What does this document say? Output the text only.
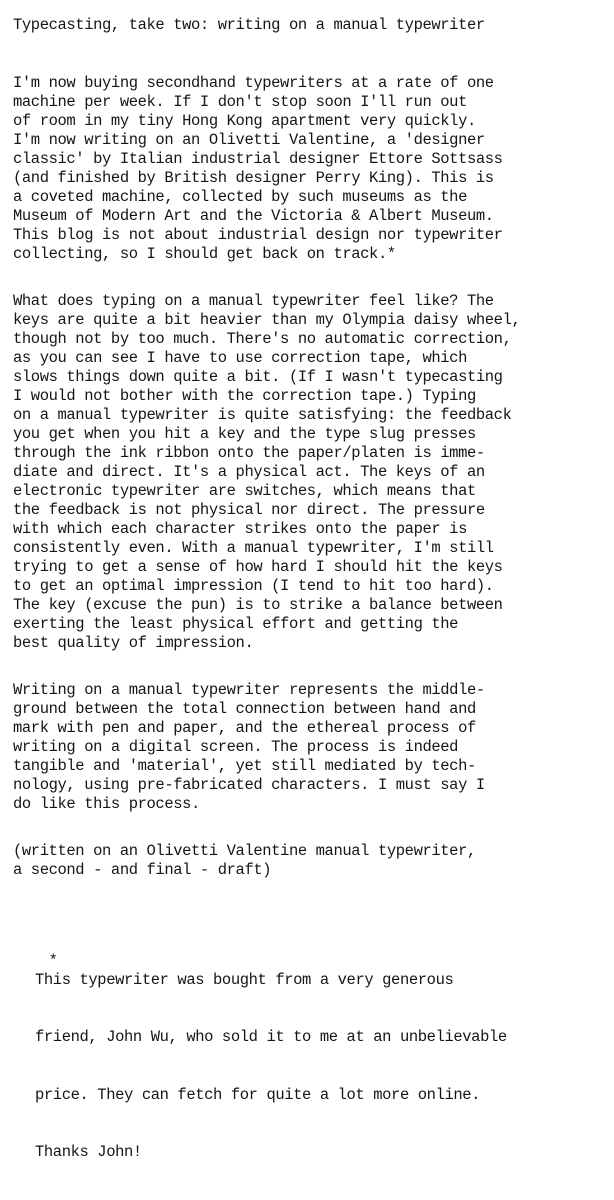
Typecasting, take two: writing on a manual typewriter
I'm now buying secondhand typewriters at a rate of one
machine per week. If I don't stop soon I'll run out
of room in my tiny Hong Kong apartment very quickly.
I'm now writing on an Olivetti Valentine, a 'designer
classic' by Italian industrial designer Ettore Sottsass
(and finished by British designer Perry King). This is
a coveted machine, collected by such museums as the
Museum of Modern Art and the Victoria & Albert Museum.
This blog is not about industrial design nor typewriter
collecting, so I should get back on track.*
What does typing on a manual typewriter feel like? The
keys are quite a bit heavier than my Olympia daisy wheel,
though not by too much. There's no automatic correction,
as you can see I have to use correction tape, which
slows things down quite a bit. (If I wasn't typecasting
I would not bother with the correction tape.) Typing
on a manual typewriter is quite satisfying: the feedback
you get when you hit a key and the type slug presses
through the ink ribbon onto the paper/platen is imme-
diate and direct. It's a physical act. The keys of an
electronic typewriter are switches, which means that
the feedback is not physical nor direct. The pressure
with which each character strikes onto the paper is
consistently even. With a manual typewriter, I'm still
trying to get a sense of how hard I should hit the keys
to get an optimal impression (I tend to hit too hard).
The key (excuse the pun) is to strike a balance between
exerting the least physical effort and getting the
best quality of impression.
Writing on a manual typewriter represents the middle-
ground between the total connection between hand and
mark with pen and paper, and the ethereal process of
writing on a digital screen. The process is indeed
tangible and 'material', yet still mediated by tech-
nology, using pre-fabricated characters. I must say I
do like this process.
(written on an Olivetti Valentine manual typewriter,
a second - and final - draft)

*

This typewriter was bought from a very generous

friend, John Wu, who sold it to me at an unbelievable

price. They can fetch for quite a lot more online.

Thanks John!
